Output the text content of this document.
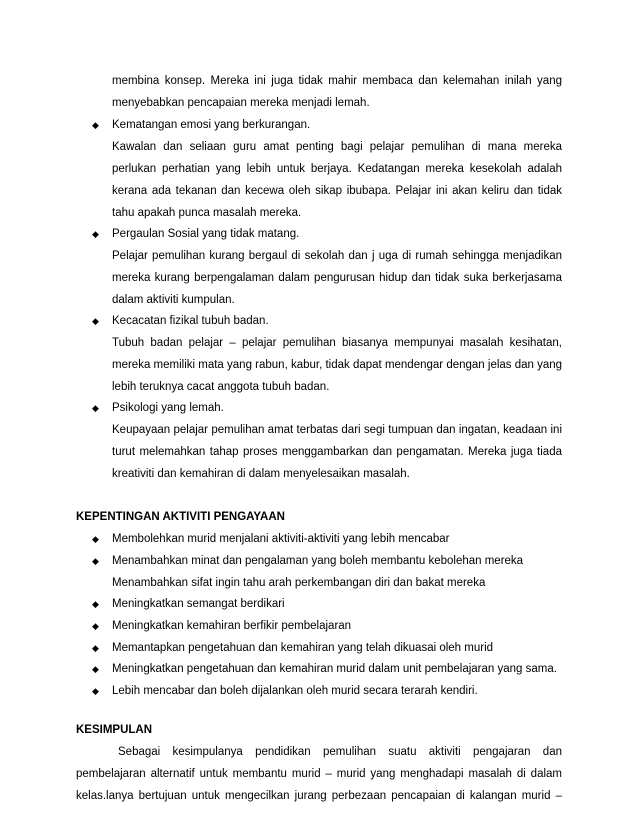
membina konsep. Mereka ini juga tidak mahir membaca dan kelemahan inilah yang
menyebabkan pencapaian mereka menjadi lemah.
◆ Kematangan emosi yang berkurangan.
Kawalan dan seliaan guru amat penting bagi pelajar pemulihan di mana mereka
perlukan perhatian yang lebih untuk berjaya. Kedatangan mereka kesekolah adalah
kerana ada tekanan dan kecewa oleh sikap ibubapa. Pelajar ini akan keliru dan tidak
tahu apakah punca masalah mereka.
◆ Pergaulan Sosial yang tidak matang.
Pelajar pemulihan kurang bergaul di sekolah dan j uga di rumah sehingga menjadikan
mereka kurang berpengalaman dalam pengurusan hidup dan tidak suka berkerjasama
dalam aktiviti kumpulan.
◆ Kecacatan fizikal tubuh badan.
Tubuh badan pelajar – pelajar pemulihan biasanya mempunyai masalah kesihatan,
mereka memiliki mata yang rabun, kabur, tidak dapat mendengar dengan jelas dan yang
lebih teruknya cacat anggota tubuh badan.
◆ Psikologi yang lemah.
Keupayaan pelajar pemulihan amat terbatas dari segi tumpuan dan ingatan, keadaan ini
turut melemahkan tahap proses menggambarkan dan pengamatan. Mereka juga tiada
kreativiti dan kemahiran di dalam menyelesaikan masalah.
KEPENTINGAN AKTIVITI PENGAYAAN
◆ Membolehkan murid menjalani aktiviti-aktiviti yang lebih mencabar
◆ Menambahkan minat dan pengalaman yang boleh membantu kebolehan mereka
Menambahkan sifat ingin tahu arah perkembangan diri dan bakat mereka
◆ Meningkatkan semangat berdikari
◆ Meningkatkan kemahiran berfikir pembelajaran
◆ Memantapkan pengetahuan dan kemahiran yang telah dikuasai oleh murid
◆ Meningkatkan pengetahuan dan kemahiran murid dalam unit pembelajaran yang sama.
◆ Lebih mencabar dan boleh dijalankan oleh murid secara terarah kendiri.
KESIMPULAN
Sebagai kesimpulanya pendidikan pemulihan suatu aktiviti pengajaran dan
pembelajaran alternatif untuk membantu murid – murid yang menghadapi masalah di dalam
kelas.lanya bertujuan untuk mengecilkan jurang perbezaan pencapaian di kalangan murid –
